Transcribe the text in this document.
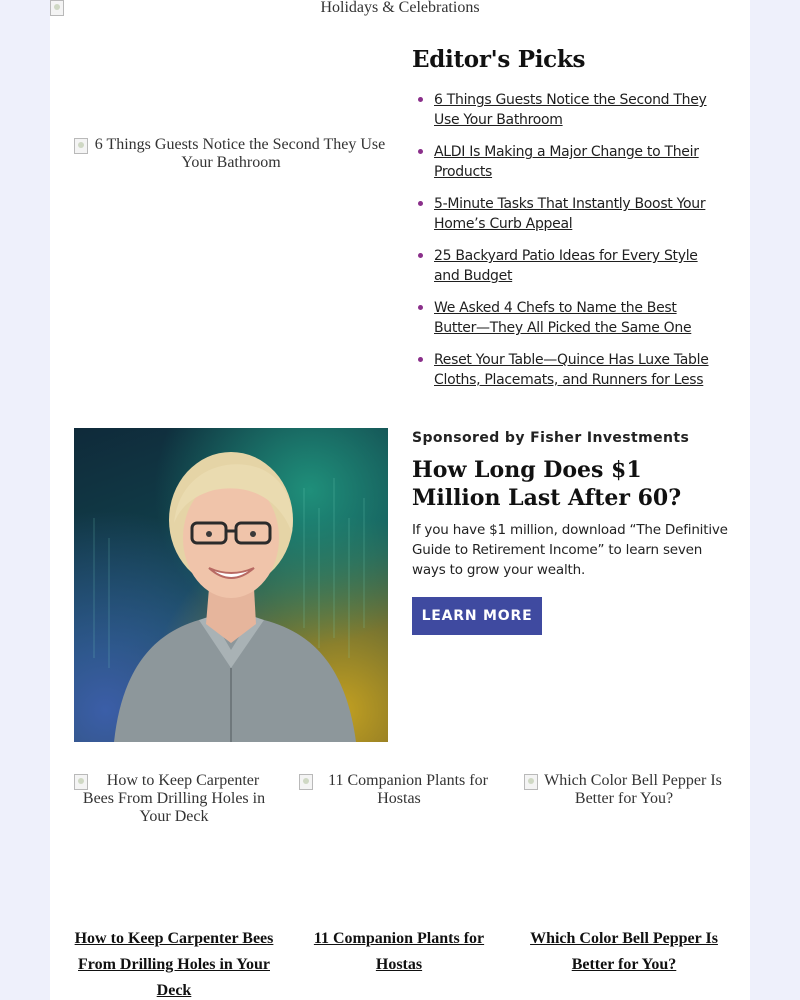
Holidays & Celebrations
6 Things Guests Notice the Second They Use Your Bathroom
Editor's Picks
6 Things Guests Notice the Second They Use Your Bathroom
ALDI Is Making a Major Change to Their Products
5-Minute Tasks That Instantly Boost Your Home’s Curb Appeal
25 Backyard Patio Ideas for Every Style and Budget
We Asked 4 Chefs to Name the Best Butter—They All Picked the Same One
Reset Your Table—Quince Has Luxe Table Cloths, Placemats, and Runners for Less
Sponsored by Fisher Investments
How Long Does $1 Million Last After 60?
If you have $1 million, download “The Definitive Guide to Retirement Income” to learn seven ways to grow your wealth.
LEARN MORE
How to Keep Carpenter Bees From Drilling Holes in Your Deck
11 Companion Plants for Hostas
Which Color Bell Pepper Is Better for You?
How to Keep Carpenter Bees From Drilling Holes in Your Deck
11 Companion Plants for Hostas
Which Color Bell Pepper Is Better for You?
